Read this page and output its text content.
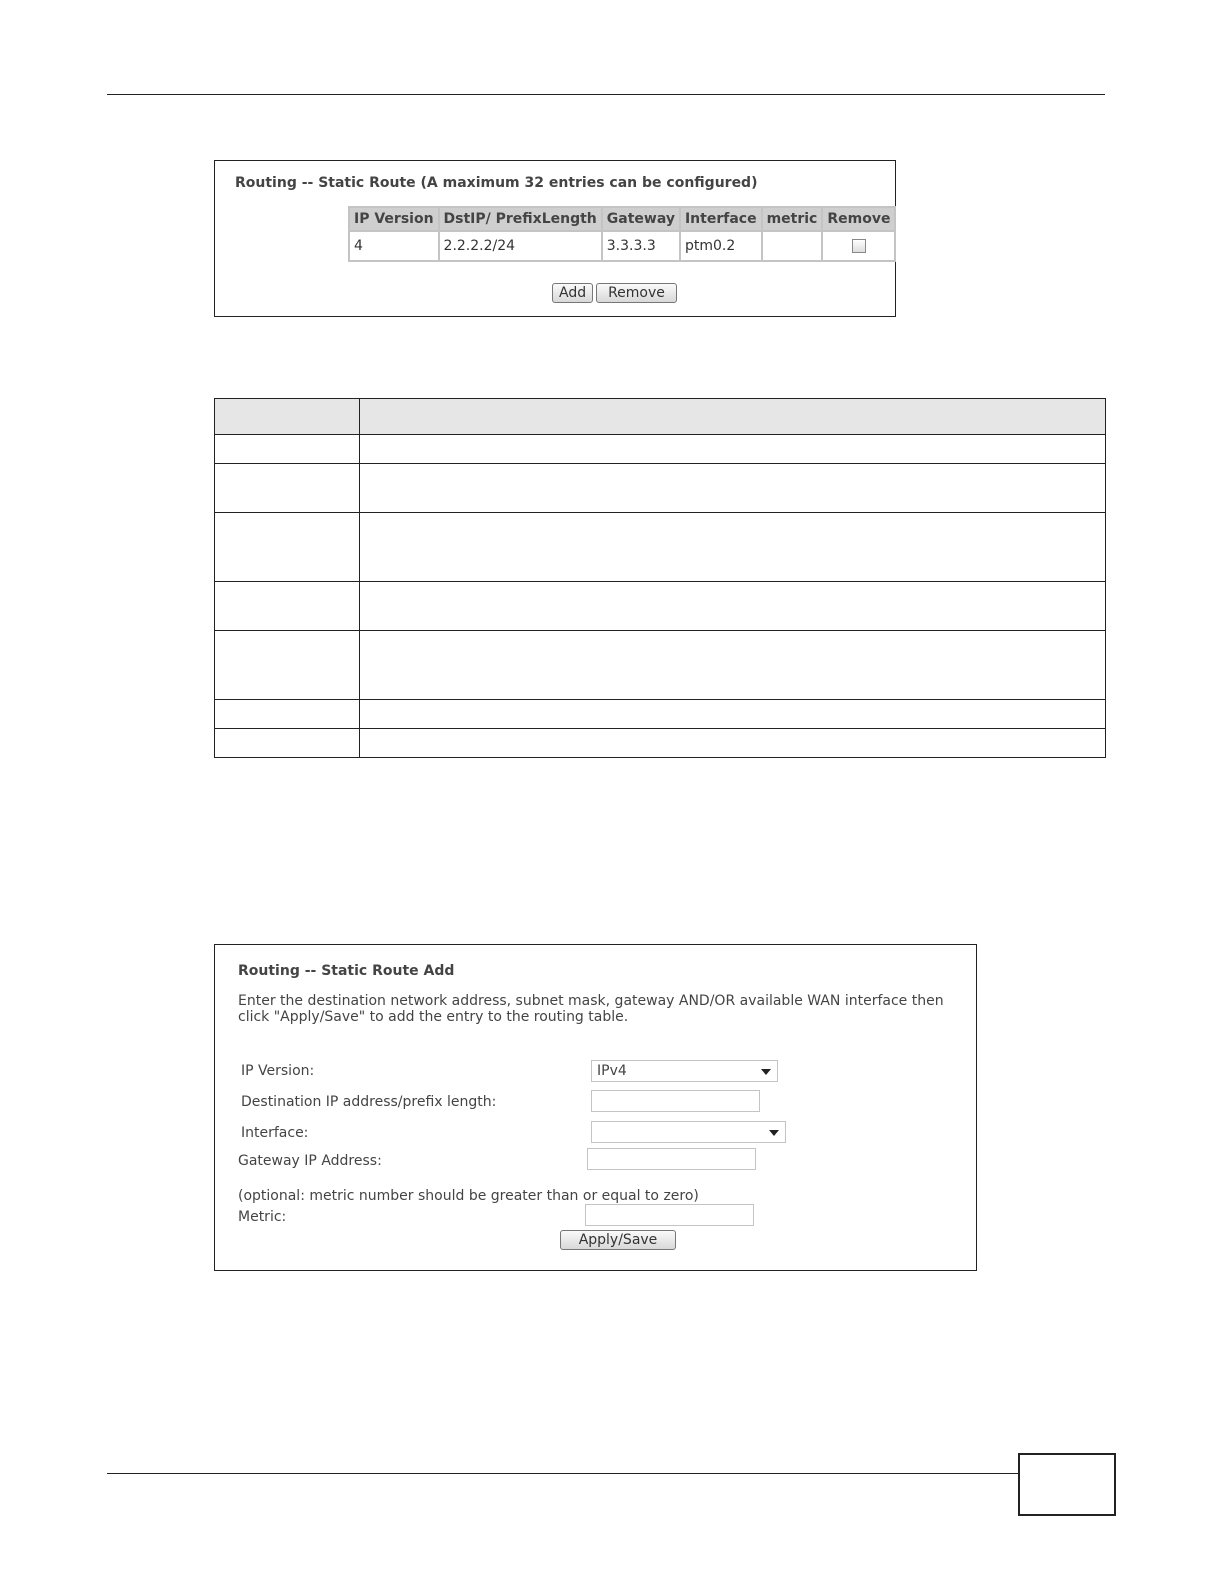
Routing -- Static Route (A maximum 32 entries can be configured)
IP Version	DstIP/ PrefixLength	Gateway	Interface	metric	Remove
4	2.2.2.2/24	3.3.3.3	ptm0.2		
Add	Remove

Routing -- Static Route Add
Enter the destination network address, subnet mask, gateway AND/OR available WAN interface then click "Apply/Save" to add the entry to the routing table.
IP Version:	IPv4
Destination IP address/prefix length:
Interface:
Gateway IP Address:
(optional: metric number should be greater than or equal to zero)
Metric:
Apply/Save
